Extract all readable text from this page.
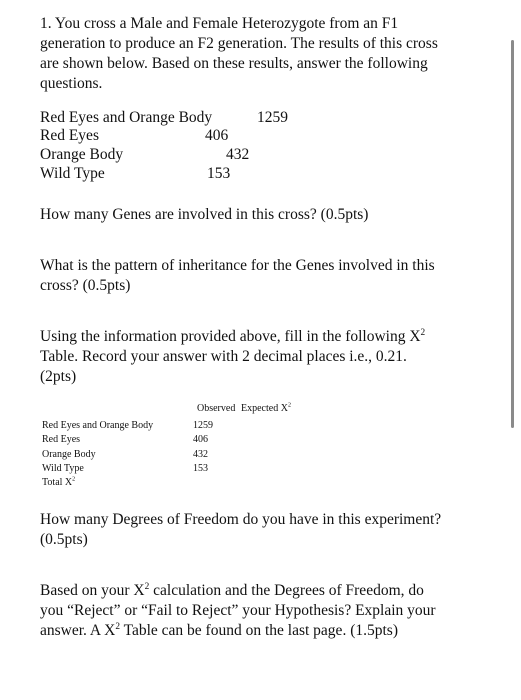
1. You cross a Male and Female Heterozygote from an F1
generation to produce an F2 generation. The results of this cross
are shown below. Based on these results, answer the following
questions.
Red Eyes and Orange Body	1259
Red Eyes	406
Orange Body	432
Wild Type	153
How many Genes are involved in this cross? (0.5pts)
What is the pattern of inheritance for the Genes involved in this
cross? (0.5pts)
Using the information provided above, fill in the following $X^2$
Table. Record your answer with 2 decimal places i.e., 0.21.
(2pts)
Observed Expected $X^2$
Red Eyes and Orange Body	1259
Red Eyes	406
Orange Body	432
Wild Type	153
Total $X^2$
How many Degrees of Freedom do you have in this experiment?
(0.5pts)
Based on your $X^2$ calculation and the Degrees of Freedom, do
you “Reject” or “Fail to Reject” your Hypothesis? Explain your
answer. A $X^2$ Table can be found on the last page. (1.5pts)
